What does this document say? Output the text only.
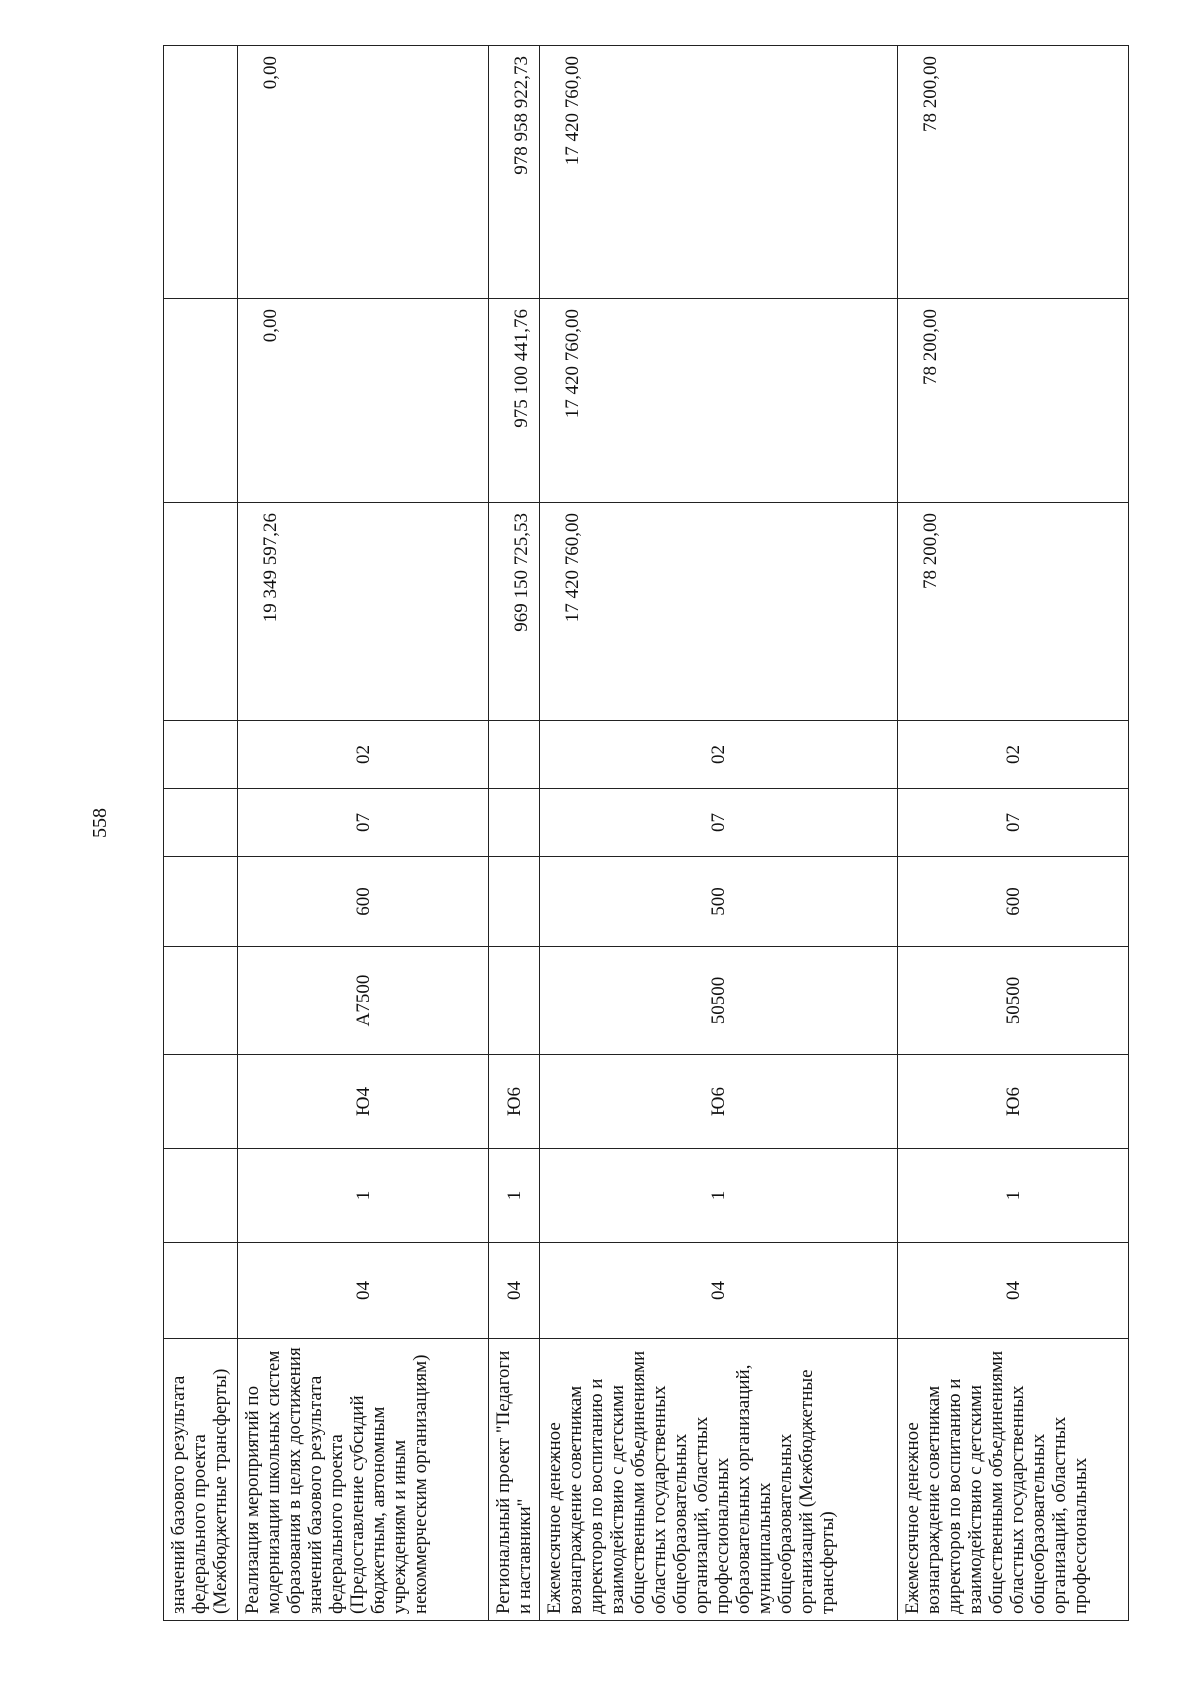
558
значений базового результата федерального проекта (Межбюджетные трансферты)										
Реализация мероприятий по модернизации школьных систем образования в целях достижения значений базового результата федерального проекта (Предоставление субсидий бюджетным, автономным учреждениям и иным некоммерческим организациям)	04	1	Ю4	А7500	600	07	02	19 349 597,26	0,00	0,00
Региональный проект "Педагоги и наставники"	04	1	Ю6					969 150 725,53	975 100 441,76	978 958 922,73
Ежемесячное денежное вознаграждение советникам директоров по воспитанию и взаимодействию с детскими общественными объединениями областных государственных общеобразовательных организаций, областных профессиональных образовательных организаций, муниципальных общеобразовательных организаций (Межбюджетные трансферты)	04	1	Ю6	50500	500	07	02	17 420 760,00	17 420 760,00	17 420 760,00
Ежемесячное денежное вознаграждение советникам директоров по воспитанию и взаимодействию с детскими общественными объединениями областных государственных общеобразовательных организаций, областных профессиональных	04	1	Ю6	50500	600	07	02	78 200,00	78 200,00	78 200,00
